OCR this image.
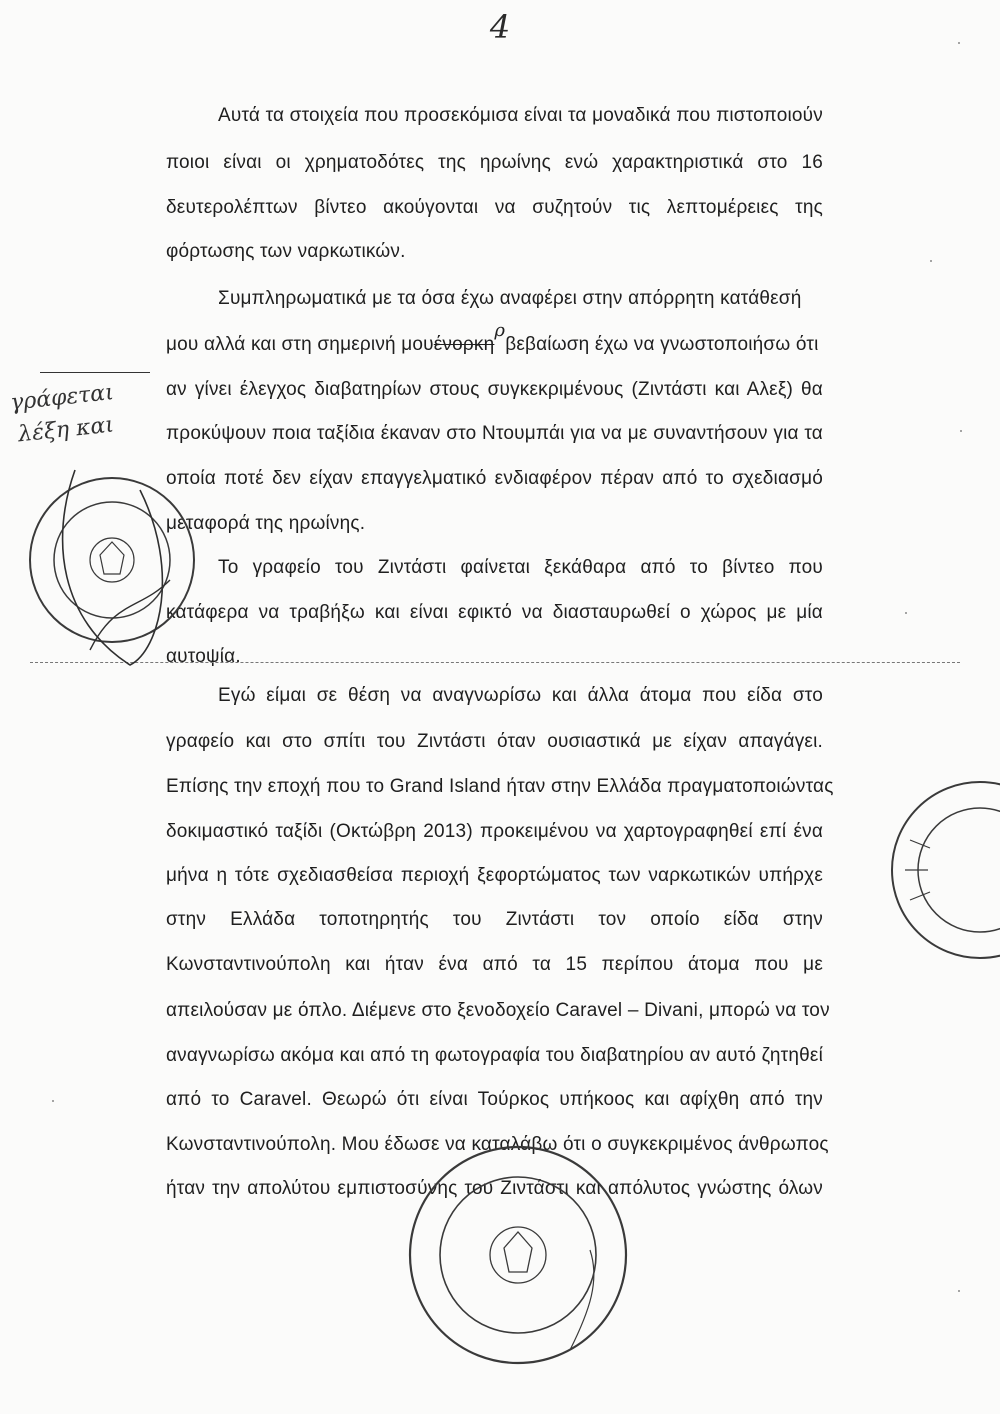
4
Αυτά τα στοιχεία που προσεκόμισα είναι τα μοναδικά που πιστοποιούν
ποιοι είναι οι χρηματοδότες της ηρωίνης ενώ χαρακτηριστικά στο 16
δευτερολέπτων βίντεο ακούγονται να συζητούν τις λεπτομέρειες της
φόρτωσης των ναρκωτικών.
Συμπληρωματικά με τα όσα έχω αναφέρει στην απόρρητη κατάθεσή
μου αλλά και στη σημερινή μουένορκηρβεβαίωση έχω να γνωστοποιήσω ότι
αν γίνει έλεγχος διαβατηρίων στους συγκεκριμένους (Ζιντάστι και Αλεξ) θα
προκύψουν ποια ταξίδια έκαναν στο Ντουμπάι για να με συναντήσουν για τα
οποία ποτέ δεν είχαν επαγγελματικό ενδιαφέρον πέραν από το σχεδιασμό
μεταφορά της ηρωίνης.
Το γραφείο του Ζιντάστι φαίνεται ξεκάθαρα από το βίντεο που
κατάφερα να τραβήξω και είναι εφικτό να διασταυρωθεί ο χώρος με μία
αυτοψία.
Εγώ είμαι σε θέση να αναγνωρίσω και άλλα άτομα που είδα στο
γραφείο και στο σπίτι του Ζιντάστι όταν ουσιαστικά με είχαν απαγάγει.
Επίσης την εποχή που το Grand Island ήταν στην Ελλάδα πραγματοποιώντας
δοκιμαστικό ταξίδι (Οκτώβρη 2013) προκειμένου να χαρτογραφηθεί επί ένα
μήνα η τότε σχεδιασθείσα περιοχή ξεφορτώματος των ναρκωτικών υπήρχε
στην Ελλάδα τοποτηρητής του Ζιντάστι τον οποίο είδα στην
Κωνσταντινούπολη και ήταν ένα από τα 15 περίπου άτομα που με
απειλούσαν με όπλο. Διέμενε στο ξενοδοχείο Caravel – Divani, μπορώ να τον
αναγνωρίσω ακόμα και από τη φωτογραφία του διαβατηρίου αν αυτό ζητηθεί
από το Caravel. Θεωρώ ότι είναι Τούρκος υπήκοος και αφίχθη από την
Κωνσταντινούπολη. Μου έδωσε να καταλάβω ότι ο συγκεκριμένος άνθρωπος
ήταν την απολύτου εμπιστοσύνης του Ζιντάστι και απόλυτος γνώστης όλων
γράφεται
λέξη και
